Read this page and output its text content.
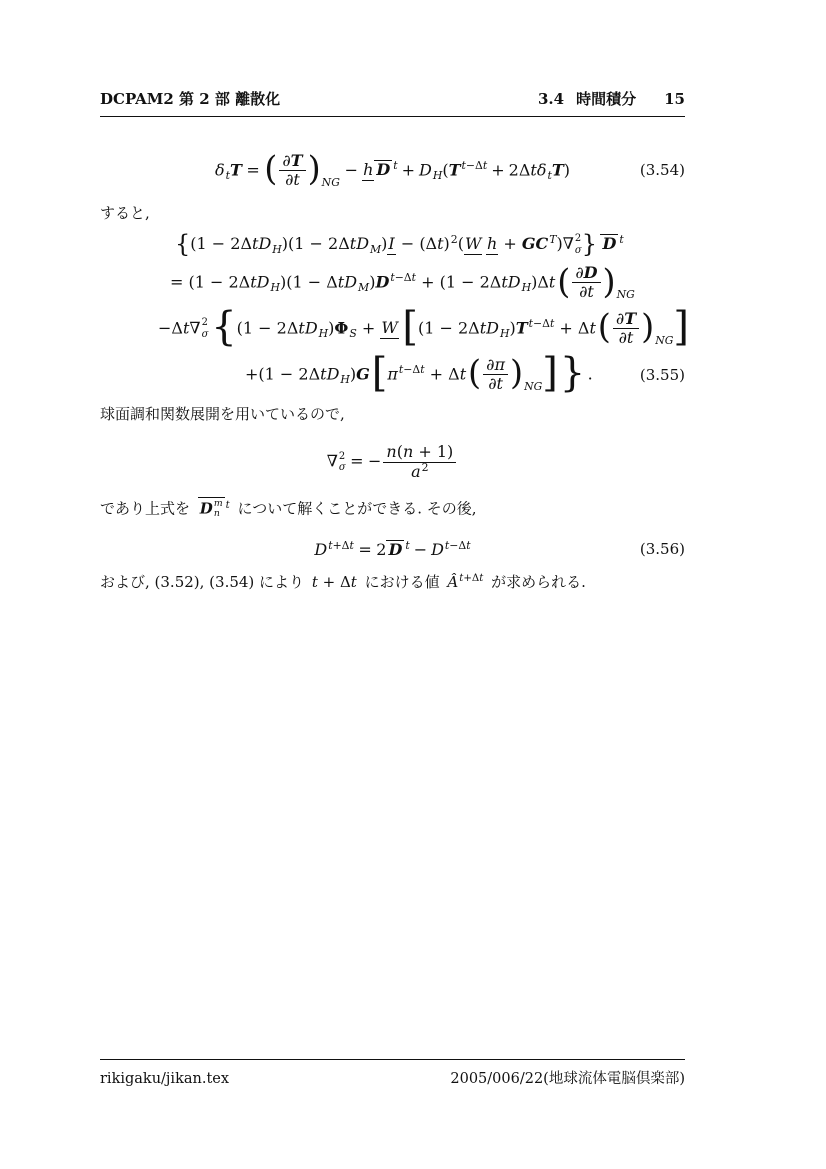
DCPAM2 第 2 部 離散化	3.4 時間積分 15
$\delta_tT$ = ( $\frac{\partial T}{\partial t} )_{NG}- h$ D $^t + D_H(T^{t-\Delta t} + 2\Delta t\delta_tT)$	(3.54)

すると,

{$(1 - 2\Delta tD_H)(1 - 2\Delta tD_M)I - (\Delta t)^2(W$ $h + GC^T)\nabla$ 2
σ } D $^t$
= $(1 - 2\Delta tD_H)(1 - \Delta tD_M)D^{t-\Delta t} + (1 - 2\Delta tD_H)\Delta t( \frac{\partial D}{\partial t} )_{NG}$
−Δt∇ 2
σ {$(1 - 2\Delta tD_H)\Phi_S + W$ $[(1 - 2\Delta tD_H)T^{t-\Delta t} + \Delta t( \frac{\partial T}{\partial t} )_{NG}]$
$+(1 - 2\Delta tD_H)G[\pi^{t-\Delta t} + \Delta t( \frac{\partial\pi}{\partial t} )_{NG}]$} .	(3.55)

球面調和関数展開を用いているので,

∇ 2
σ = − $\frac{n(n + 1)}{a^2}$

であり上式を D m
n
$^t$ について解くことができる. その後,

$D^{t+\Delta t} = 2$ D $^t - D^{t-\Delta t}$	(3.56)

および, (3.52), (3.54) により t + Δt における値 $Â^{t+\Delta t}$ が求められる.

rikigaku/jikan.tex	2005/006/22(地球流体電脳倶楽部)
